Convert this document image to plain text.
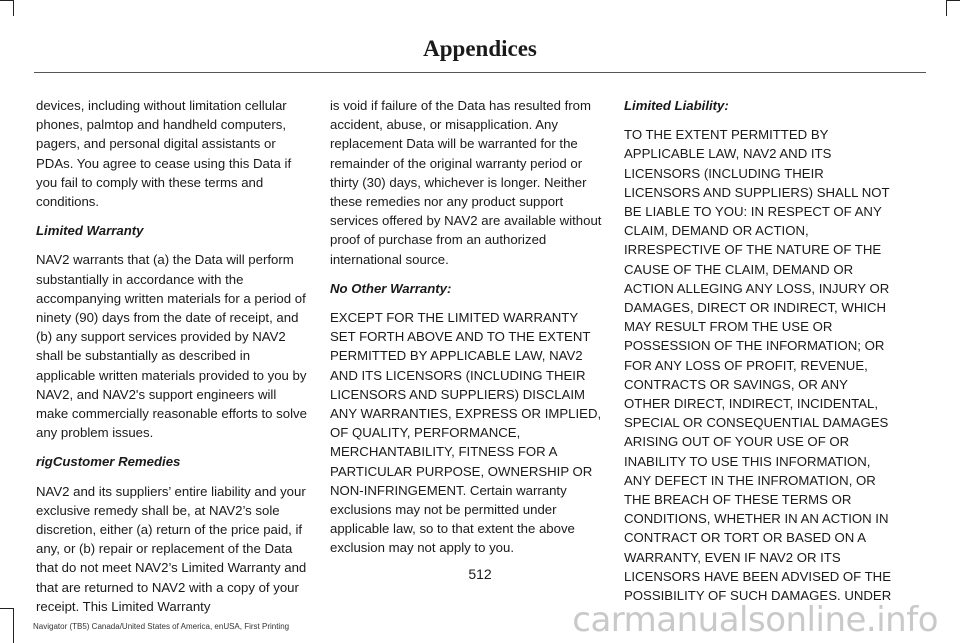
Appendices

devices, including without limitation cellular phones, palmtop and handheld computers, pagers, and personal digital assistants or PDAs. You agree to cease using this Data if you fail to comply with these terms and conditions.

Limited Warranty

NAV2 warrants that (a) the Data will perform substantially in accordance with the accompanying written materials for a period of ninety (90) days from the date of receipt, and (b) any support services provided by NAV2 shall be substantially as described in applicable written materials provided to you by NAV2, and NAV2's support engineers will make commercially reasonable efforts to solve any problem issues.

rigCustomer Remedies

NAV2 and its suppliers’ entire liability and your exclusive remedy shall be, at NAV2’s sole discretion, either (a) return of the price paid, if any, or (b) repair or replacement of the Data that do not meet NAV2’s Limited Warranty and that are returned to NAV2 with a copy of your receipt. This Limited Warranty

is void if failure of the Data has resulted from accident, abuse, or misapplication. Any replacement Data will be warranted for the remainder of the original warranty period or thirty (30) days, whichever is longer. Neither these remedies nor any product support services offered by NAV2 are available without proof of purchase from an authorized international source.

No Other Warranty:

EXCEPT FOR THE LIMITED WARRANTY SET FORTH ABOVE AND TO THE EXTENT PERMITTED BY APPLICABLE LAW, NAV2 AND ITS LICENSORS (INCLUDING THEIR LICENSORS AND SUPPLIERS) DISCLAIM ANY WARRANTIES, EXPRESS OR IMPLIED, OF QUALITY, PERFORMANCE, MERCHANTABILITY, FITNESS FOR A PARTICULAR PURPOSE, OWNERSHIP OR NON-INFRINGEMENT. Certain warranty exclusions may not be permitted under applicable law, so to that extent the above exclusion may not apply to you.

Limited Liability:

TO THE EXTENT PERMITTED BY APPLICABLE LAW, NAV2 AND ITS LICENSORS (INCLUDING THEIR LICENSORS AND SUPPLIERS) SHALL NOT BE LIABLE TO YOU: IN RESPECT OF ANY CLAIM, DEMAND OR ACTION, IRRESPECTIVE OF THE NATURE OF THE CAUSE OF THE CLAIM, DEMAND OR ACTION ALLEGING ANY LOSS, INJURY OR DAMAGES, DIRECT OR INDIRECT, WHICH MAY RESULT FROM THE USE OR POSSESSION OF THE INFORMATION; OR FOR ANY LOSS OF PROFIT, REVENUE, CONTRACTS OR SAVINGS, OR ANY OTHER DIRECT, INDIRECT, INCIDENTAL, SPECIAL OR CONSEQUENTIAL DAMAGES ARISING OUT OF YOUR USE OF OR INABILITY TO USE THIS INFORMATION, ANY DEFECT IN THE INFROMATION, OR THE BREACH OF THESE TERMS OR CONDITIONS, WHETHER IN AN ACTION IN CONTRACT OR TORT OR BASED ON A WARRANTY, EVEN IF NAV2 OR ITS LICENSORS HAVE BEEN ADVISED OF THE POSSIBILITY OF SUCH DAMAGES. UNDER

512
Navigator (TB5) Canada/United States of America, enUSA, First Printing	carmanualsonline.info
